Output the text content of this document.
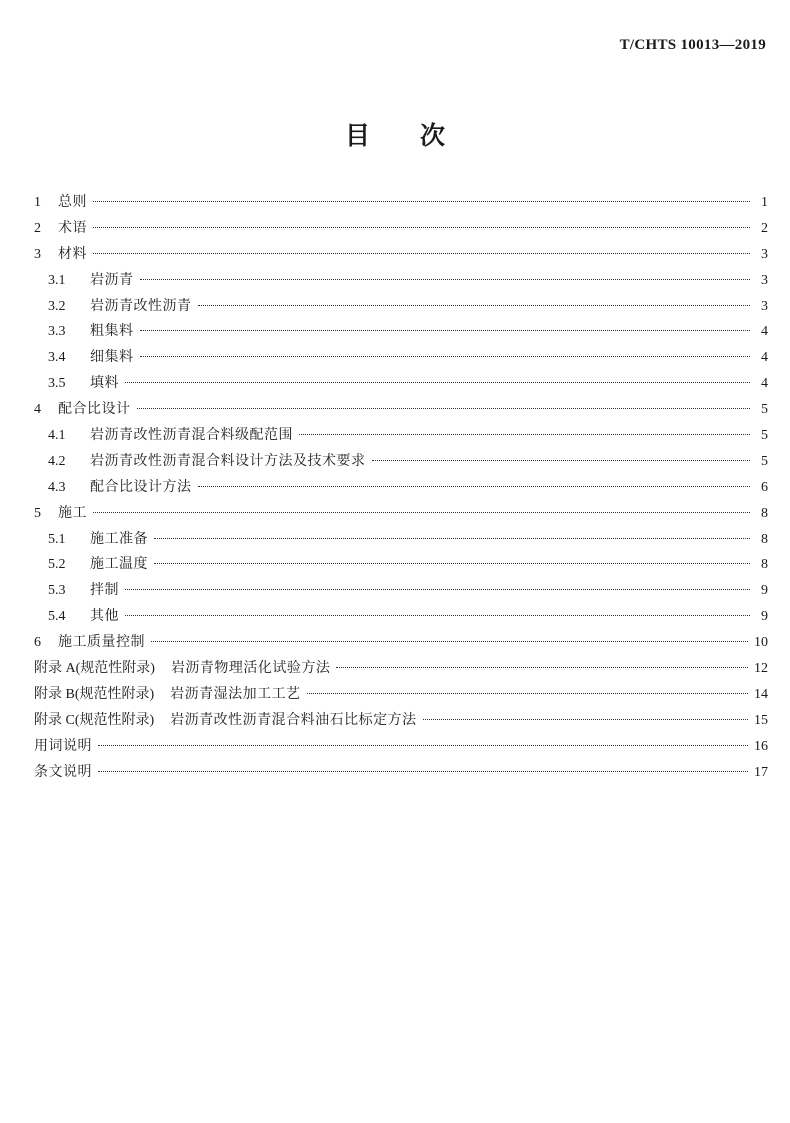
T/CHTS 10013—2019
目 次
1	总则	1
2	术语	2
3	材料	3
3.1	岩沥青	3
3.2	岩沥青改性沥青	3
3.3	粗集料	4
3.4	细集料	4
3.5	填料	4
4	配合比设计	5
4.1	岩沥青改性沥青混合料级配范围	5
4.2	岩沥青改性沥青混合料设计方法及技术要求	5
4.3	配合比设计方法	6
5	施工	8
5.1	施工准备	8
5.2	施工温度	8
5.3	拌制	9
5.4	其他	9
6	施工质量控制	10
附录 A(规范性附录) 岩沥青物理活化试验方法	12
附录 B(规范性附录) 岩沥青湿法加工工艺	14
附录 C(规范性附录) 岩沥青改性沥青混合料油石比标定方法	15
用词说明	16
条文说明	17
